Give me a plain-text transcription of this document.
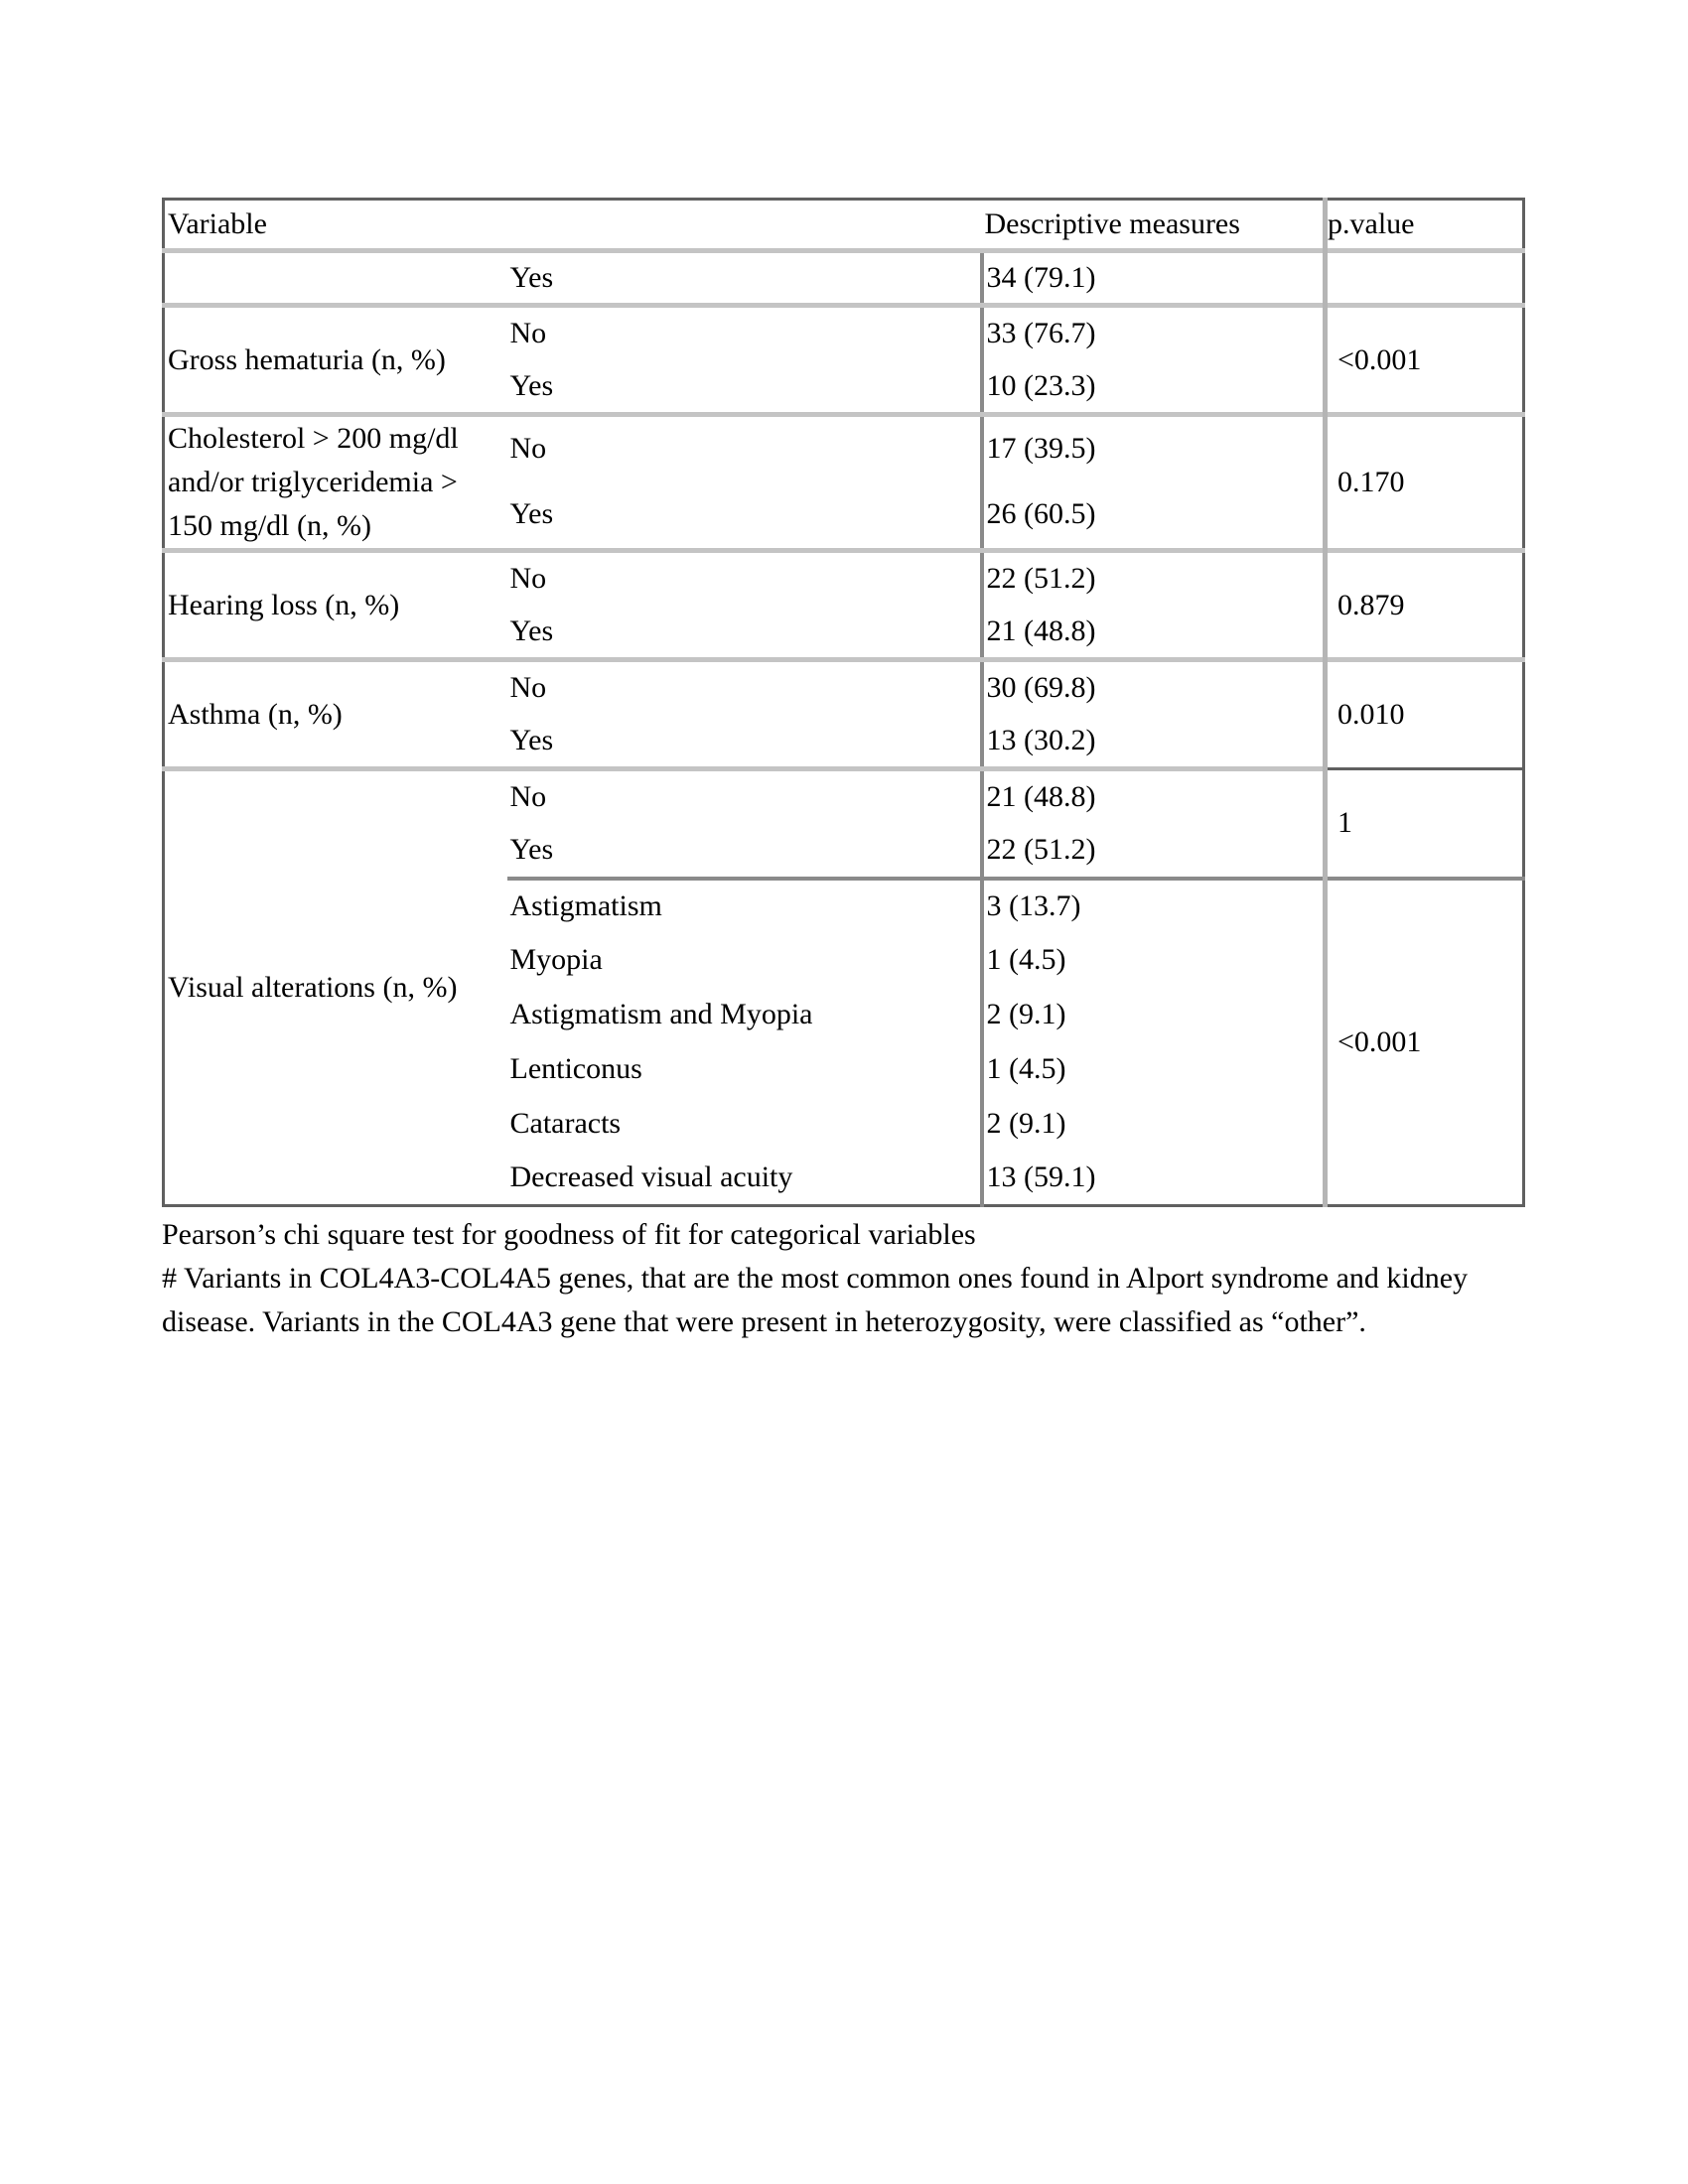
Variable		Descriptive measures	p.value
	Yes	34 (79.1)	
Gross hematuria (n, %)	No	33 (76.7)	<0.001
	Yes	10 (23.3)	
Cholesterol > 200 mg/dl and/or triglyceridemia > 150 mg/dl (n, %)	No	17 (39.5)	0.170
	Yes	26 (60.5)	
Hearing loss (n, %)	No	22 (51.2)	0.879
	Yes	21 (48.8)	
Asthma (n, %)	No	30 (69.8)	0.010
	Yes	13 (30.2)	
Visual alterations (n, %)	No	21 (48.8)	1
	Yes	22 (51.2)	
	Astigmatism	3 (13.7)	<0.001
	Myopia	1 (4.5)	
	Astigmatism and Myopia	2 (9.1)	
	Lenticonus	1 (4.5)	
	Cataracts	2 (9.1)	
	Decreased visual acuity	13 (59.1)	

Pearson’s chi square test for goodness of fit for categorical variables

# Variants in COL4A3-COL4A5 genes, that are the most common ones found in Alport syndrome and kidney disease. Variants in the COL4A3 gene that were present in heterozygosity, were classified as “other”.
